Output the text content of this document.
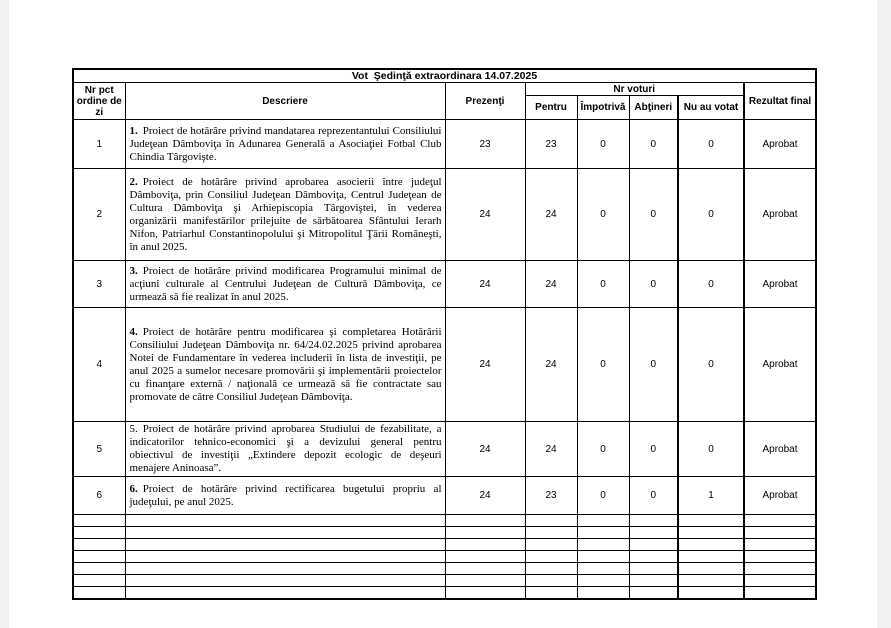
Vot  Şedinţă extraordinara 14.07.2025							
Nr pct ordine de zi	Descriere	Prezenţi	Nr voturi				Rezultat final
			Pentru	Împotrivă	Abţineri	Nu au votat	
1	1. Proiect de hotărâre privind mandatarea reprezentantului Consiliului Judeţean Dâmboviţa în Adunarea Generală a Asociaţiei Fotbal Club Chindia Târgovişte.	23	23	0	0	0	Aprobat
2	2. Proiect de hotărâre privind aprobarea asocierii între judeţul Dâmboviţa, prin Consiliul Judeţean Dâmboviţa, Centrul Judeţean de Cultura Dâmboviţa şi Arhiepiscopia Târgoviştei, în vederea organizării manifestărilor prilejuite de sărbătoarea Sfântului Ierarh Nifon, Patriarhul Constantinopolului şi Mitropolitul Ţării Româneşti, în anul 2025.	24	24	0	0	0	Aprobat
3	3. Proiect de hotărâre privind modificarea Programului minimal de acţiuni culturale al Centrului Judeţean de Cultură Dâmboviţa, ce urmează să fie realizat în anul 2025.	24	24	0	0	0	Aprobat
4	4. Proiect de hotărâre pentru modificarea şi completarea Hotărârii Consiliului Judeţean Dâmboviţa nr. 64/24.02.2025 privind aprobarea Notei de Fundamentare în vederea includerii în lista de investiţii, pe anul 2025 a sumelor necesare promovării şi implementării proiectelor cu finanţare externă / naţională ce urmează să fie contractate sau promovate de către Consiliul Judeţean Dâmboviţa.	24	24	0	0	0	Aprobat
5	5. Proiect de hotărâre privind aprobarea Studiului de fezabilitate, a indicatorilor tehnico-economici şi a devizului general pentru obiectivul de investiţii „Extindere depozit ecologic de deşeuri menajere Aninoasa”.	24	24	0	0	0	Aprobat
6	6. Proiect de hotărâre privind rectificarea bugetului propriu al judeţului, pe anul 2025.	24	23	0	0	1	Aprobat
